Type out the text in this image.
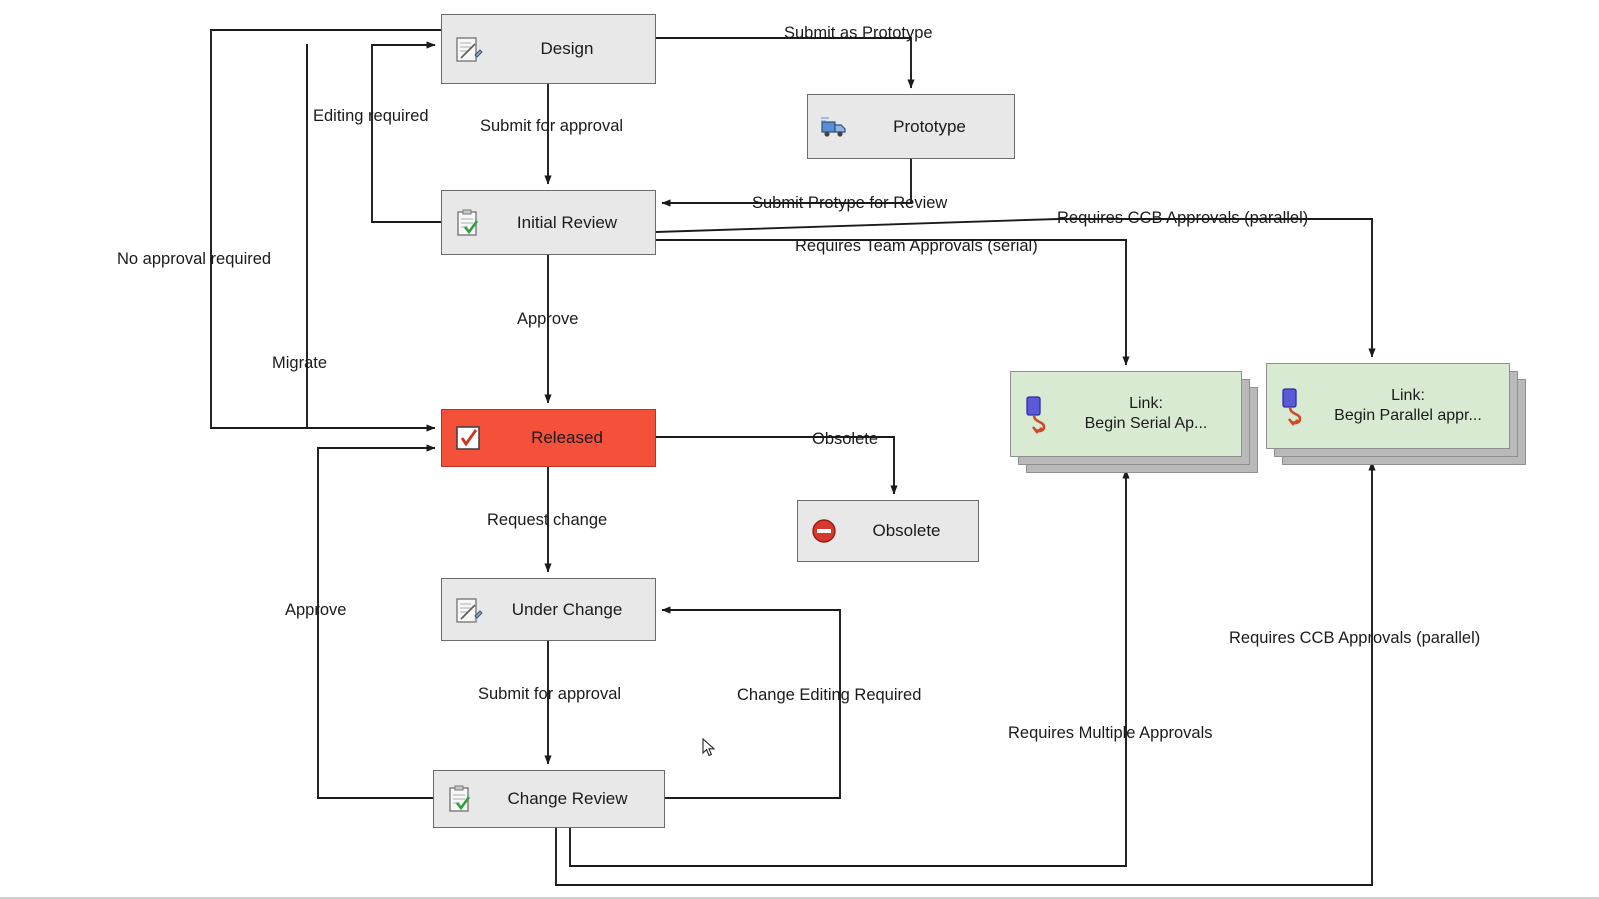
Design
Prototype
Initial Review
Released
Obsolete
Under Change
Change Review
Link:
Begin Serial Ap...
Link:
Begin Parallel appr...
Submit as Prototype
Editing required
Submit for approval
Submit Protype for Review
Requires CCB Approvals (parallel)
Requires Team Approvals (serial)
No approval required
Approve
Migrate
Obsolete
Request change
Approve
Requires CCB Approvals (parallel)
Submit for approval	Change Editing Required
Requires Multiple Approvals
